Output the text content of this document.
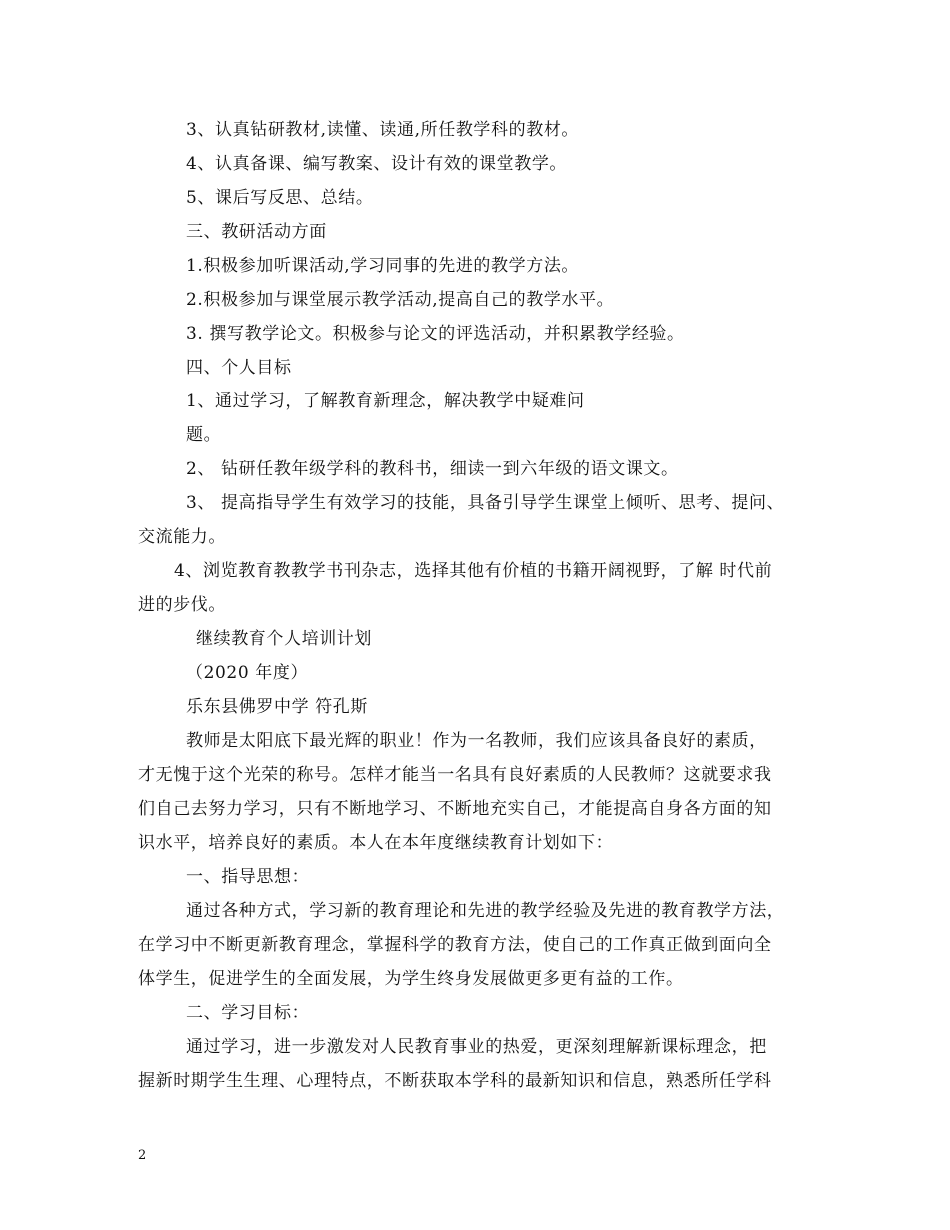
3、认真钻研教材,读懂、读通,所任教学科的教材。
4、认真备课、编写教案、设计有效的课堂教学。
5、课后写反思、总结。
三、教研活动方面
1.积极参加听课活动,学习同事的先进的教学方法。
2.积极参加与课堂展示教学活动,提高自己的教学水平。
3. 撰写教学论文。积极参与论文的评选活动，并积累教学经验。
四、个人目标
1、通过学习，了解教育新理念，解决教学中疑难问
题。
2、 钻研任教年级学科的教科书，细读一到六年级的语文课文。
3、 提高指导学生有效学习的技能，具备引导学生课堂上倾听、思考、提问、
交流能力。
4、浏览教育教教学书刊杂志，选择其他有价植的书籍开阔视野，了解 时代前
进的步伐。
继续教育个人培训计划
（2020 年度）
乐东县佛罗中学 符孔斯
教师是太阳底下最光辉的职业！作为一名教师，我们应该具备良好的素质，
才无愧于这个光荣的称号。怎样才能当一名具有良好素质的人民教师？这就要求我
们自己去努力学习，只有不断地学习、不断地充实自己，才能提高自身各方面的知
识水平，培养良好的素质。本人在本年度继续教育计划如下：
一、指导思想：
通过各种方式，学习新的教育理论和先进的教学经验及先进的教育教学方法，
在学习中不断更新教育理念，掌握科学的教育方法，使自己的工作真正做到面向全
体学生，促进学生的全面发展，为学生终身发展做更多更有益的工作。
二、学习目标：
通过学习，进一步激发对人民教育事业的热爱，更深刻理解新课标理念，把
握新时期学生生理、心理特点，不断获取本学科的最新知识和信息，熟悉所任学科
2
